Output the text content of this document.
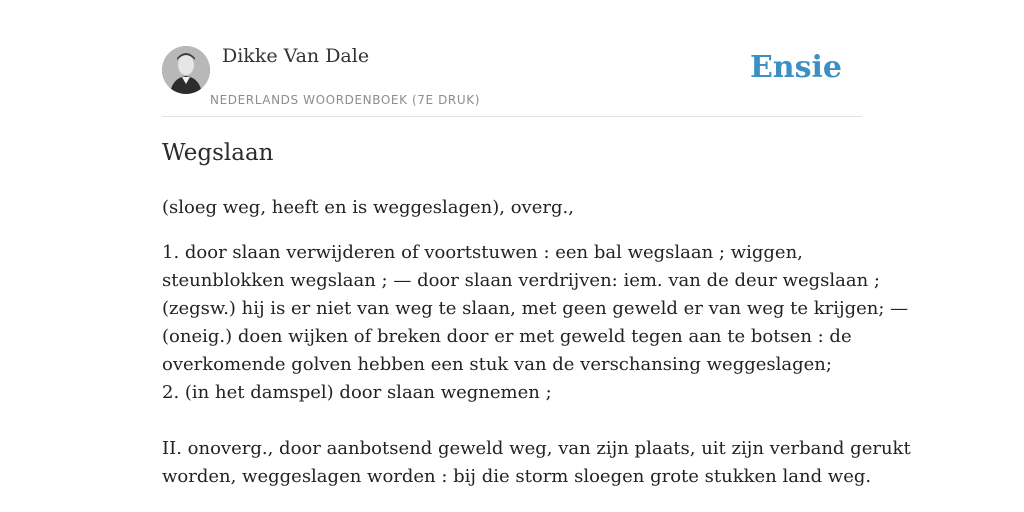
Dikke Van Dale
NEDERLANDS WOORDENBOEK (7E DRUK)
Ensie
Wegslaan
(sloeg weg, heeft en is weggeslagen), overg.,
1. door slaan verwijderen of voortstuwen : een bal wegslaan ; wiggen,
steunblokken wegslaan ; — door slaan verdrijven: iem. van de deur wegslaan ;
(zegsw.) hij is er niet van weg te slaan, met geen geweld er van weg te krijgen; —
(oneig.) doen wijken of breken door er met geweld tegen aan te botsen : de
overkomende golven hebben een stuk van de verschansing weggeslagen;
2. (in het damspel) door slaan wegnemen ;
II. onoverg., door aanbotsend geweld weg, van zijn plaats, uit zijn verband gerukt
worden, weggeslagen worden : bij die storm sloegen grote stukken land weg.
